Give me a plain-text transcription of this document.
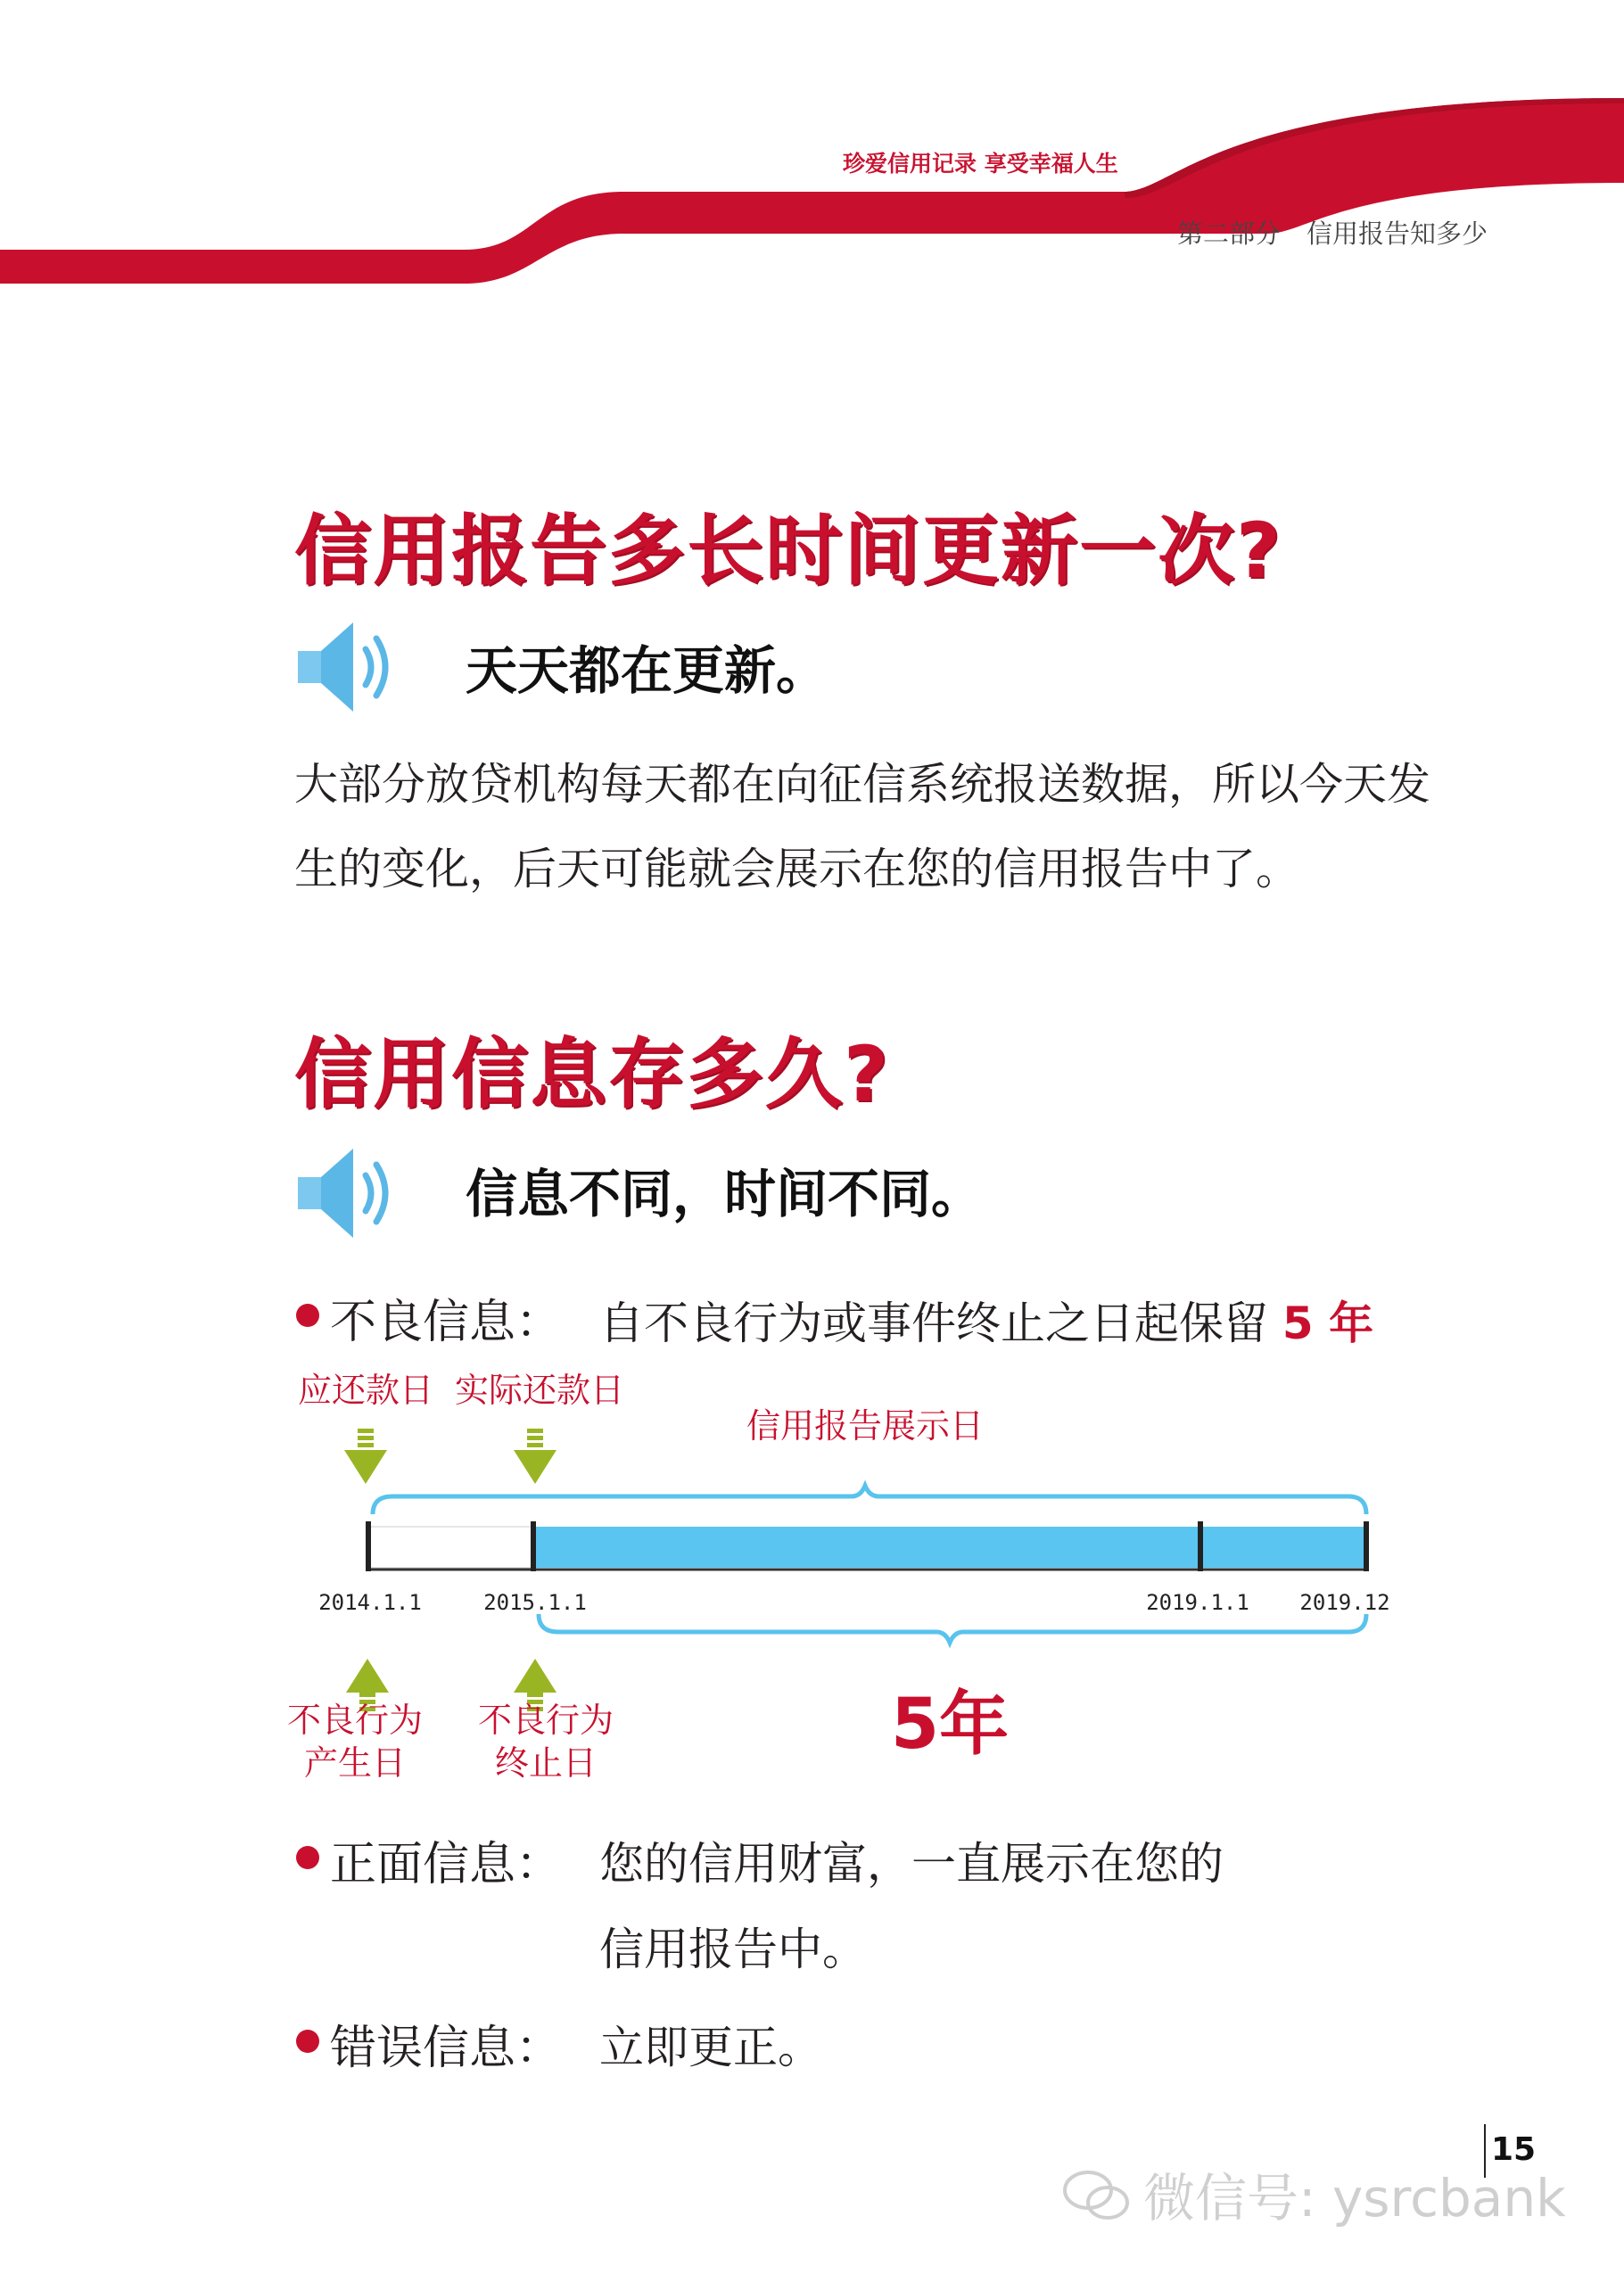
珍爱信用记录 享受幸福人生
第二部分　信用报告知多少
信用报告多长时间更新一次?
天天都在更新。
大部分放贷机构每天都在向征信系统报送数据，所以今天发生的变化，后天可能就会展示在您的信用报告中了。
信用信息存多久?
信息不同，时间不同。
不良信息： 自不良行为或事件终止之日起保留 5 年
应还款日 实际还款日
信用报告展示日
2014.1.1	2015.1.1	2019.1.1 2019.12
不良行为
产生日
不良行为
终止日	5年
正面信息： 您的信用财富，一直展示在您的
信用报告中。
错误信息： 立即更正。
15
微信号: ysrcbank
